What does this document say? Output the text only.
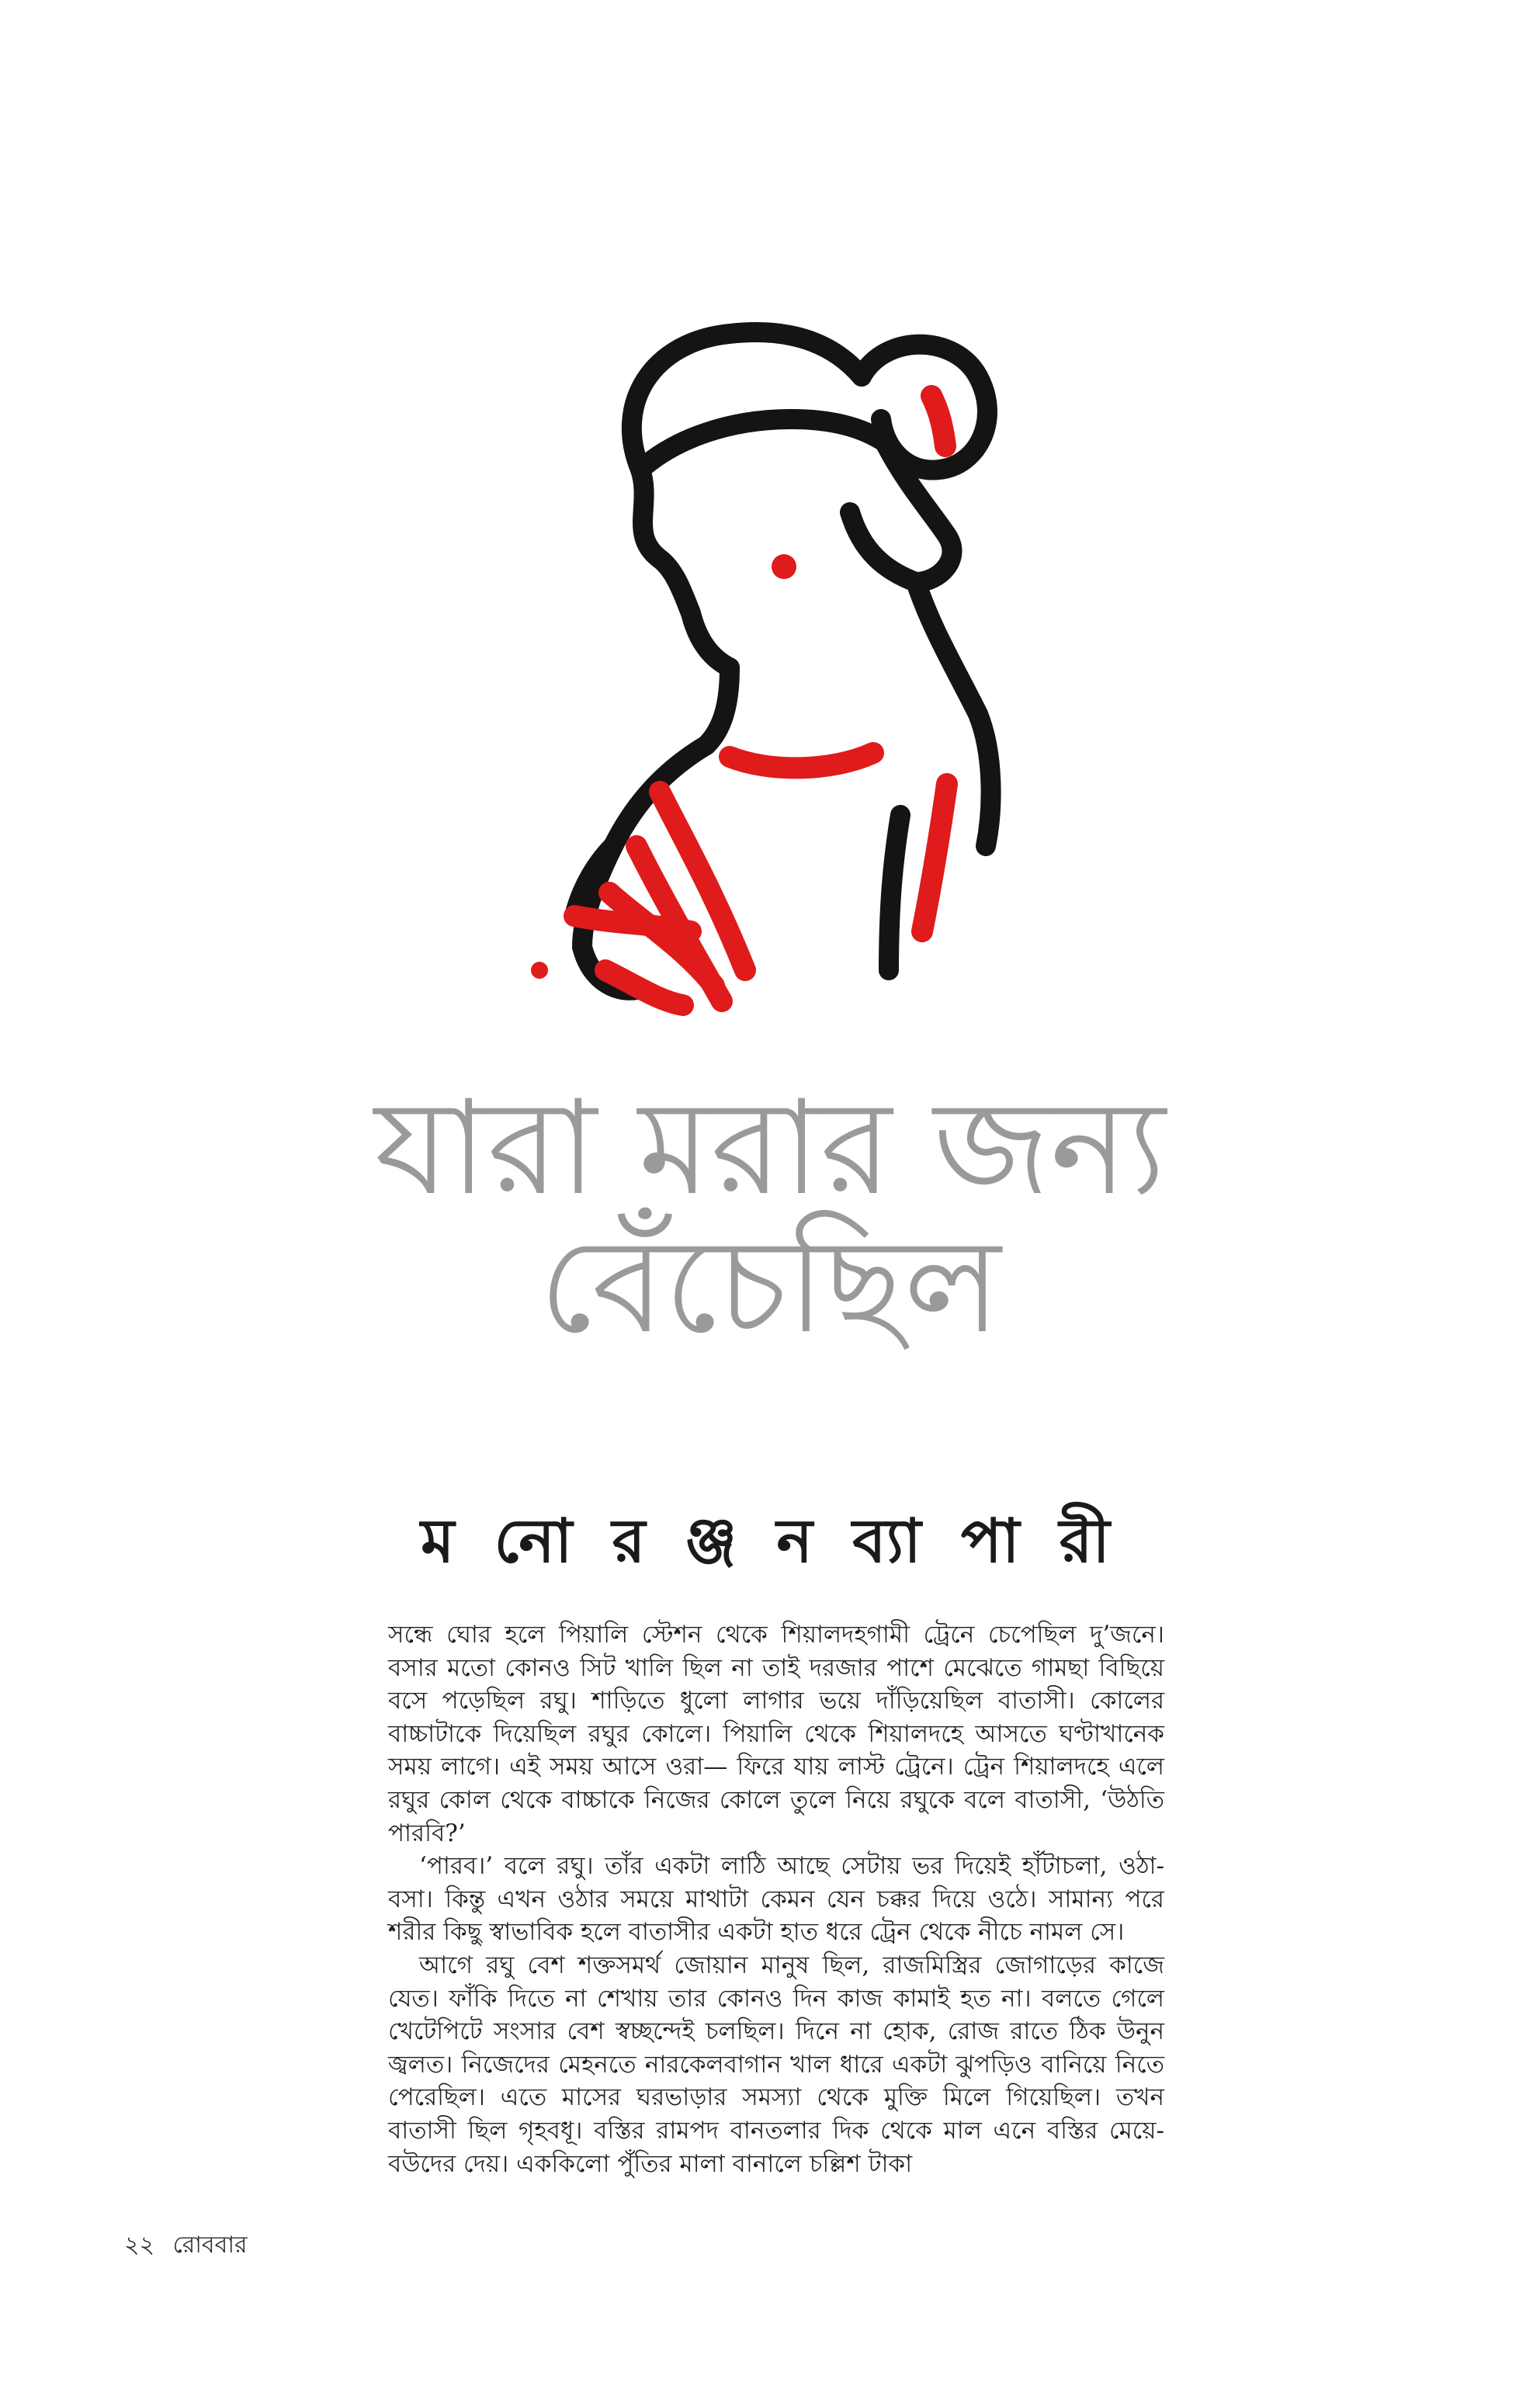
যারা মরার জন্য
বেঁচেছিল
ম নো র ঞ্জ ন ব্যা পা রী

সন্ধে ঘোর হলে পিয়ালি স্টেশন থেকে শিয়ালদহগামী ট্রেনে চেপেছিল দু’জনে। বসার মতো কোনও সিট খালি ছিল না তাই দরজার পাশে মেঝেতে গামছা বিছিয়ে বসে পড়েছিল রঘু। শাড়িতে ধুলো লাগার ভয়ে দাঁড়িয়েছিল বাতাসী। কোলের বাচ্চাটাকে দিয়েছিল রঘুর কোলে। পিয়ালি থেকে শিয়ালদহে আসতে ঘণ্টাখানেক সময় লাগে। এই সময় আসে ওরা— ফিরে যায় লাস্ট ট্রেনে। ট্রেন শিয়ালদহে এলে রঘুর কোল থেকে বাচ্চাকে নিজের কোলে তুলে নিয়ে রঘুকে বলে বাতাসী, ‘উঠতি পারবি?’

‘পারব।’ বলে রঘু। তাঁর একটা লাঠি আছে সেটায় ভর দিয়েই হাঁটাচলা, ওঠা-বসা। কিন্তু এখন ওঠার সময়ে মাথাটা কেমন যেন চক্কর দিয়ে ওঠে। সামান্য পরে শরীর কিছু স্বাভাবিক হলে বাতাসীর একটা হাত ধরে ট্রেন থেকে নীচে নামল সে।

আগে রঘু বেশ শক্তসমর্থ জোয়ান মানুষ ছিল, রাজমিস্ত্রির জোগাড়ের কাজে যেত। ফাঁকি দিতে না শেখায় তার কোনও দিন কাজ কামাই হত না। বলতে গেলে খেটেপিটে সংসার বেশ স্বচ্ছন্দেই চলছিল। দিনে না হোক, রোজ রাতে ঠিক উনুন জ্বলত। নিজেদের মেহনতে নারকেলবাগান খাল ধারে একটা ঝুপড়িও বানিয়ে নিতে পেরেছিল। এতে মাসের ঘরভাড়ার সমস্যা থেকে মুক্তি মিলে গিয়েছিল। তখন বাতাসী ছিল গৃহবধূ। বস্তির রামপদ বানতলার দিক থেকে মাল এনে বস্তির মেয়ে-বউদের দেয়। এককিলো পুঁতির মালা বানালে চল্লিশ টাকা

২২ রোববার
